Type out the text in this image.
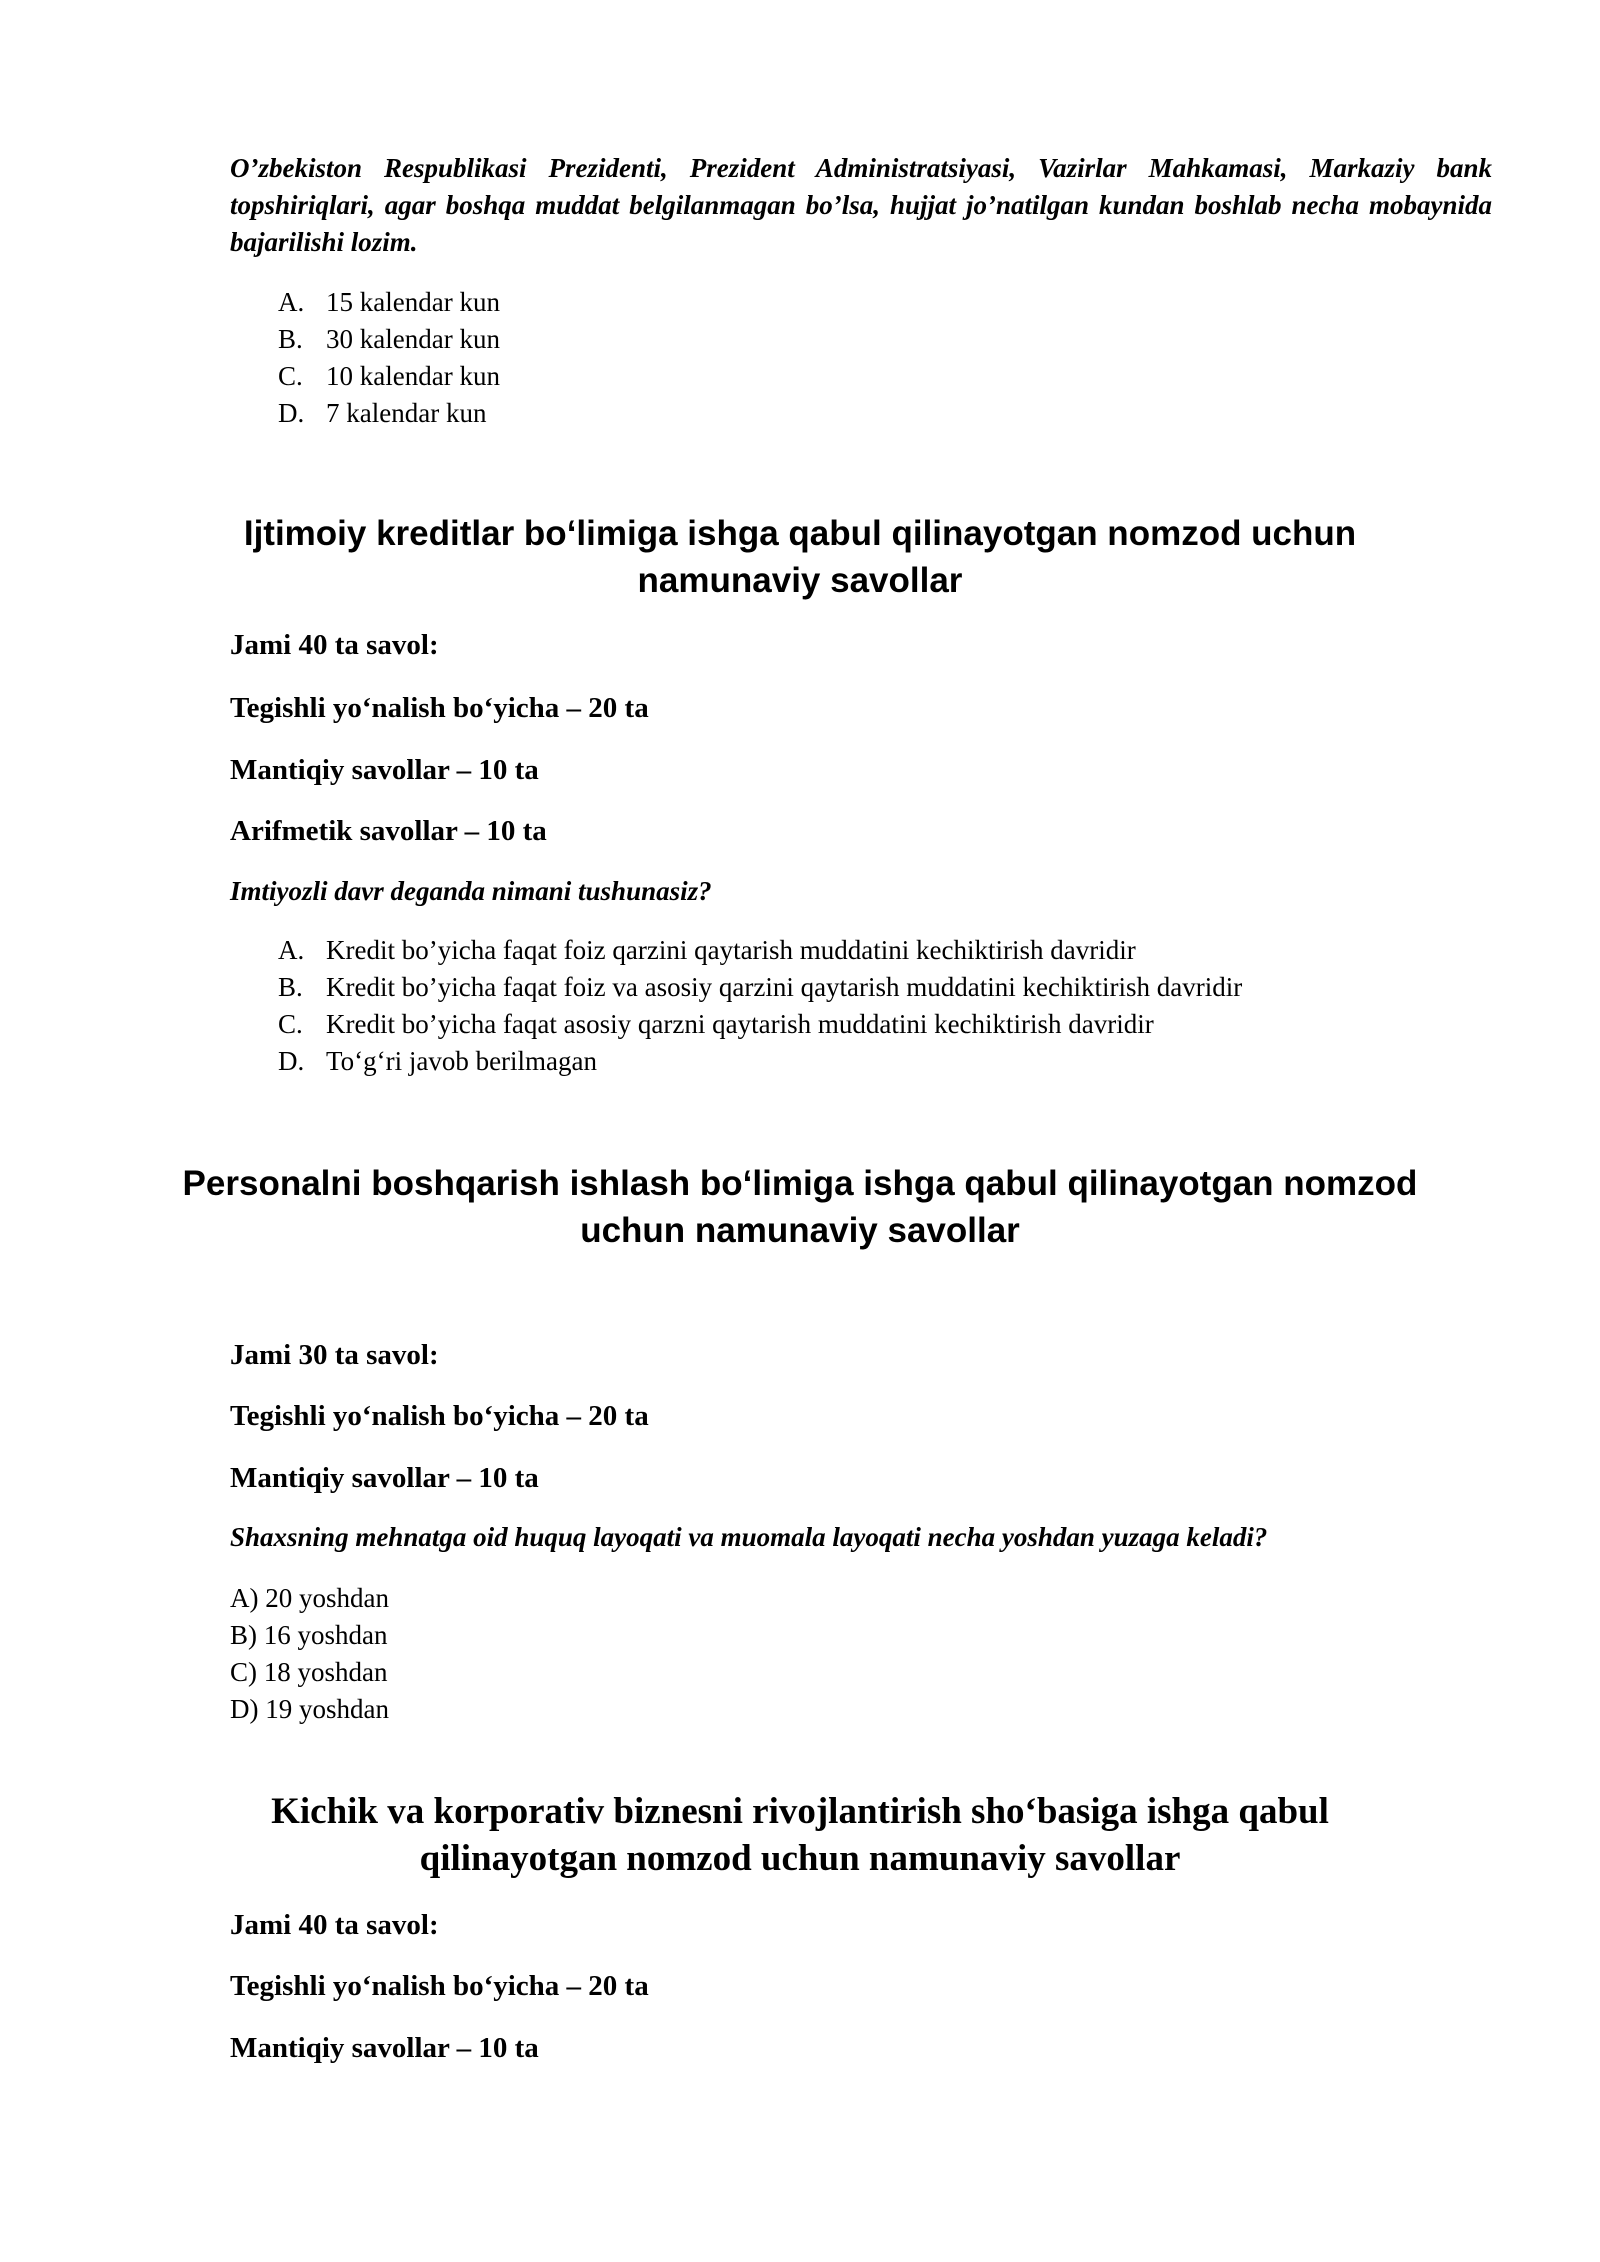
O’zbekiston Respublikasi Prezidenti, Prezident Administratsiyasi, Vazirlar Mahkamasi, Markaziy bank topshiriqlari, agar boshqa muddat belgilanmagan bo’lsa, hujjat jo’natilgan kundan boshlab necha mobaynida bajarilishi lozim.

A. 15 kalendar kun
B. 30 kalendar kun
C. 10 kalendar kun
D. 7 kalendar kun
Ijtimoiy kreditlar bo‘limiga ishga qabul qilinayotgan nomzod uchun
namunaviy savollar

Jami 40 ta savol:

Tegishli yo‘nalish bo‘yicha – 20 ta

Mantiqiy savollar – 10 ta

Arifmetik savollar – 10 ta

Imtiyozli davr deganda nimani tushunasiz?

A. Kredit bo’yicha faqat foiz qarzini qaytarish muddatini kechiktirish davridir
B. Kredit bo’yicha faqat foiz va asosiy qarzini qaytarish muddatini kechiktirish davridir
C. Kredit bo’yicha faqat asosiy qarzni qaytarish muddatini kechiktirish davridir
D. To‘g‘ri javob berilmagan
Personalni boshqarish ishlash bo‘limiga ishga qabul qilinayotgan nomzod
uchun namunaviy savollar

Jami 30 ta savol:

Tegishli yo‘nalish bo‘yicha – 20 ta

Mantiqiy savollar – 10 ta

Shaxsning mehnatga oid huquq layoqati va muomala layoqati necha yoshdan yuzaga keladi?

A) 20 yoshdan
B) 16 yoshdan
C) 18 yoshdan
D) 19 yoshdan
Kichik va korporativ biznesni rivojlantirish sho‘basiga ishga qabul
qilinayotgan nomzod uchun namunaviy savollar

Jami 40 ta savol:

Tegishli yo‘nalish bo‘yicha – 20 ta

Mantiqiy savollar – 10 ta
